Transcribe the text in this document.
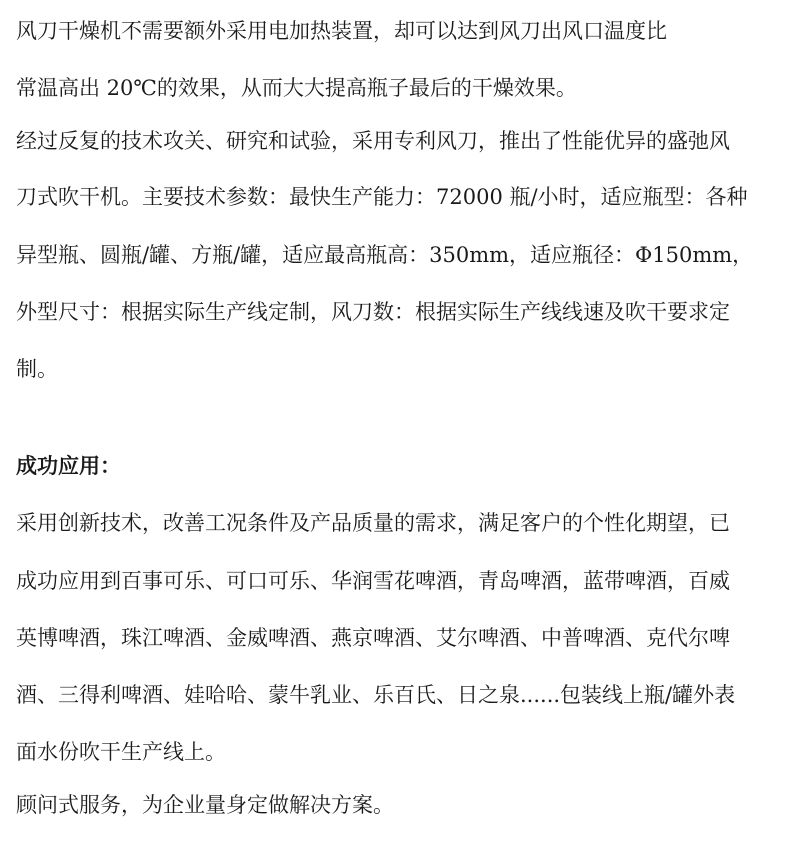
风刀干燥机不需要额外采用电加热装置，却可以达到风刀出风口温度比
常温高出 20℃的效果，从而大大提高瓶子最后的干燥效果。
经过反复的技术攻关、研究和试验，采用专利风刀，推出了性能优异的盛弛风
刀式吹干机。主要技术参数：最快生产能力：72000 瓶/小时，适应瓶型：各种
异型瓶、圆瓶/罐、方瓶/罐，适应最高瓶高：350mm，适应瓶径：Φ150mm，
外型尺寸：根据实际生产线定制，风刀数：根据实际生产线线速及吹干要求定
制。
成功应用：
采用创新技术，改善工况条件及产品质量的需求，满足客户的个性化期望，已
成功应用到百事可乐、可口可乐、华润雪花啤酒，青岛啤酒，蓝带啤酒，百威
英博啤酒，珠江啤酒、金威啤酒、燕京啤酒、艾尔啤酒、中普啤酒、克代尔啤
酒、三得利啤酒、娃哈哈、蒙牛乳业、乐百氏、日之泉......包装线上瓶/罐外表
面水份吹干生产线上。
顾问式服务，为企业量身定做解决方案。
